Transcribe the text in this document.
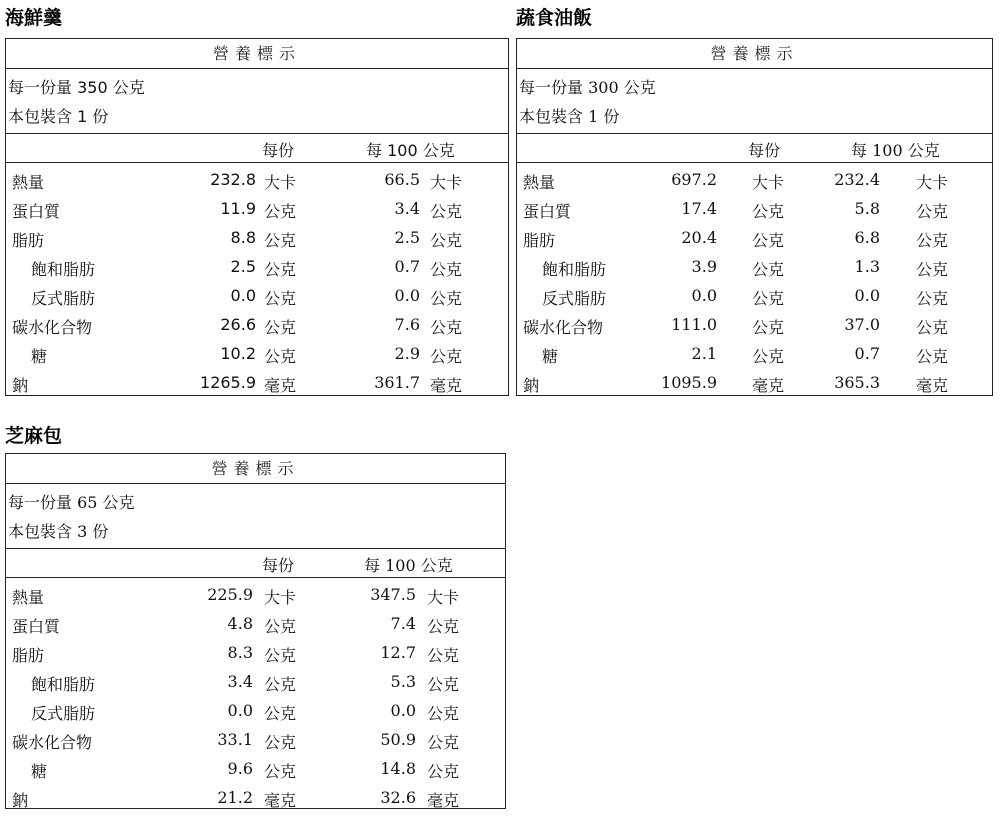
海鮮羹
營養標示
每一份量 350 公克
本包裝含 1 份
每份	每 100 公克
熱量	232.8 大卡	66.5 大卡
蛋白質	11.9 公克	3.4 公克
脂肪	8.8 公克	2.5 公克
飽和脂肪	2.5 公克	0.7 公克
反式脂肪	0.0 公克	0.0 公克
碳水化合物	26.6 公克	7.6 公克
糖	10.2 公克	2.9 公克
鈉	1265.9 毫克	361.7 毫克
蔬食油飯
營養標示
每一份量 300 公克
本包裝含 1 份
每份	每 100 公克
熱量	697.2 大卡	232.4 大卡
蛋白質	17.4 公克	5.8 公克
脂肪	20.4 公克	6.8 公克
飽和脂肪	3.9 公克	1.3 公克
反式脂肪	0.0 公克	0.0 公克
碳水化合物	111.0 公克	37.0 公克
糖	2.1 公克	0.7 公克
鈉	1095.9 毫克	365.3 毫克
芝麻包
營養標示
每一份量 65 公克
本包裝含 3 份
每份	每 100 公克
熱量	225.9 大卡	347.5 大卡
蛋白質	4.8 公克	7.4 公克
脂肪	8.3 公克	12.7 公克
飽和脂肪	3.4 公克	5.3 公克
反式脂肪	0.0 公克	0.0 公克
碳水化合物	33.1 公克	50.9 公克
糖	9.6 公克	14.8 公克
鈉	21.2 毫克	32.6 毫克
